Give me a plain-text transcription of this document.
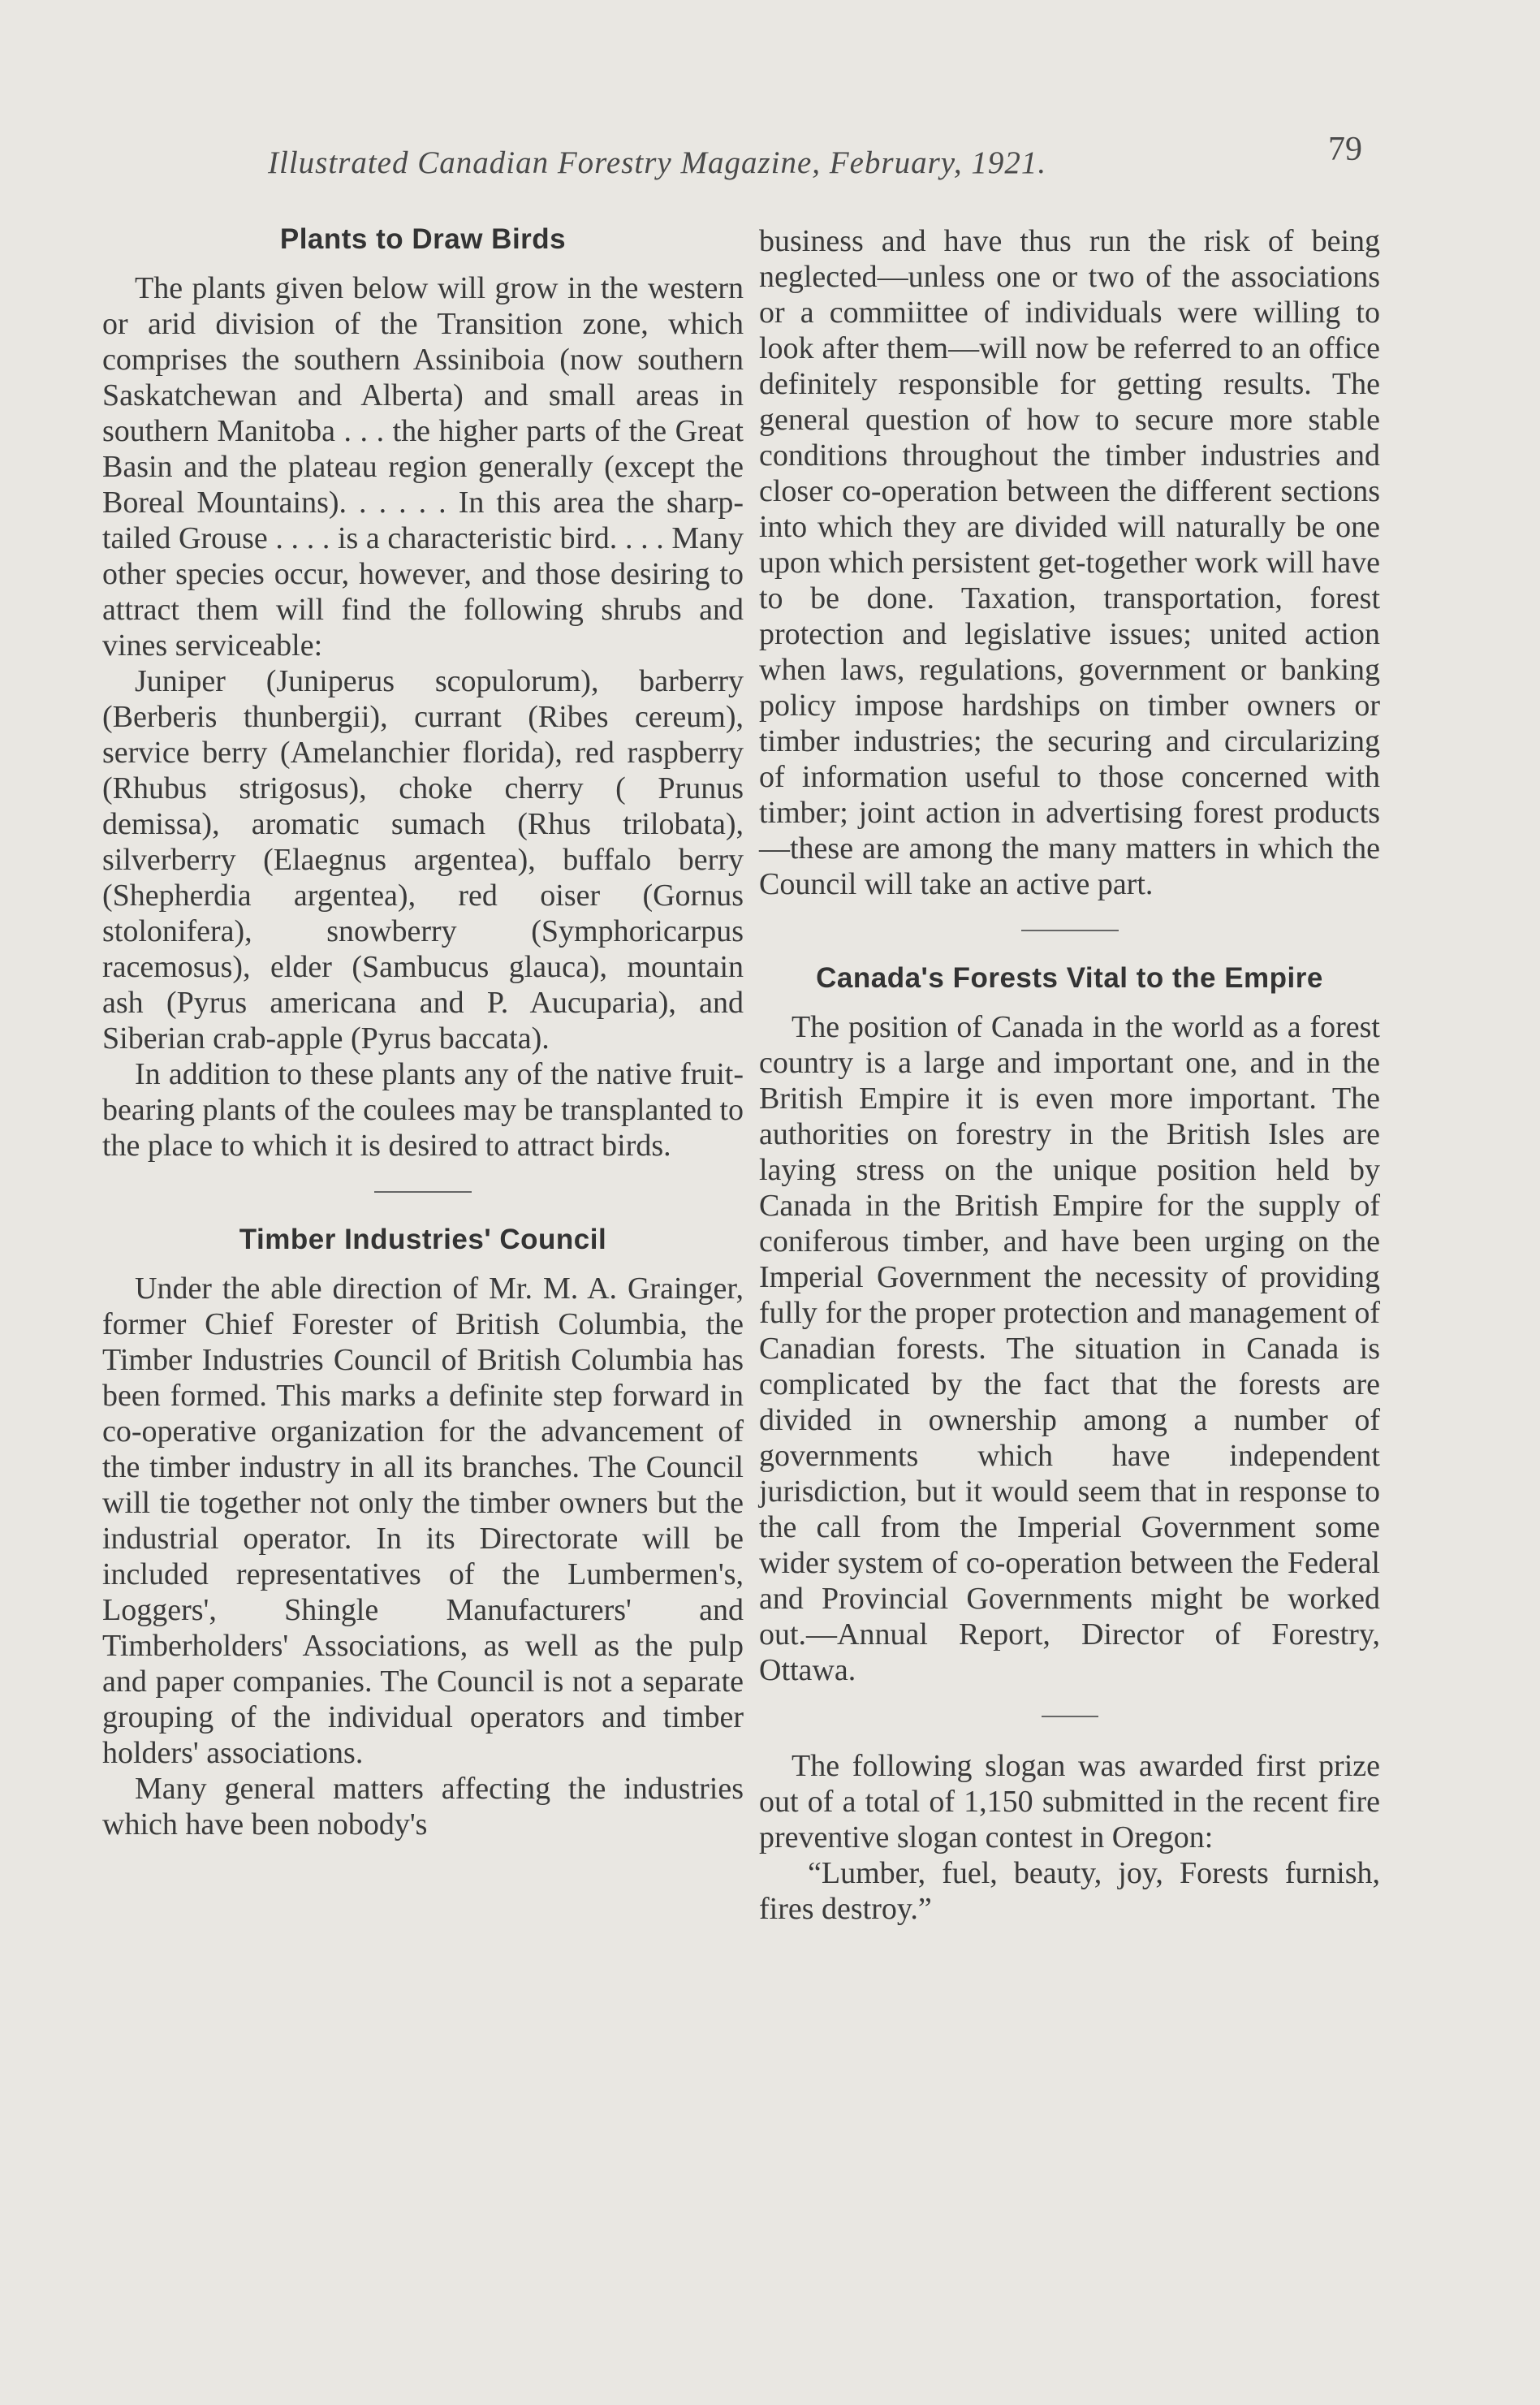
Illustrated Canadian Forestry Magazine, February, 1921.	79
Plants to Draw Birds

The plants given below will grow in the western or arid division of the Transition zone, which comprises the southern Assiniboia (now southern Saskatchewan and Alberta) and small areas in southern Manitoba . . . the higher parts of the Great Basin and the plateau region generally (except the Boreal Mountains). . . . . . In this area the sharp-tailed Grouse . . . . is a characteristic bird. . . . Many other species occur, however, and those desiring to attract them will find the following shrubs and vines serviceable:

Juniper (Juniperus scopulorum), barberry (Berberis thunbergii), currant (Ribes cereum), service berry (Amelanchier florida), red raspberry (Rhubus strigosus), choke cherry ( Prunus demissa), aromatic sumach (Rhus trilobata), silverberry (Elaegnus argentea), buffalo berry (Shepherdia argentea), red oiser (Gornus stolonifera), snowberry (Symphoricarpus racemosus), elder (Sambucus glauca), mountain ash (Pyrus americana and P. Aucuparia), and Siberian crab-apple (Pyrus baccata).

In addition to these plants any of the native fruit-bearing plants of the coulees may be transplanted to the place to which it is desired to attract birds.

Timber Industries' Council

Under the able direction of Mr. M. A. Grainger, former Chief Forester of British Columbia, the Timber Industries Council of British Columbia has been formed. This marks a definite step forward in co-operative organization for the advancement of the timber industry in all its branches. The Council will tie together not only the timber owners but the industrial operator. In its Directorate will be included representatives of the Lumbermen's, Loggers', Shingle Manufacturers' and Timberholders' Associations, as well as the pulp and paper companies. The Council is not a separate grouping of the individual operators and timber holders' associations.

Many general matters affecting the industries which have been nobody's

business and have thus run the risk of being neglected—unless one or two of the associations or a commiittee of individuals were willing to look after them—will now be referred to an office definitely responsible for getting results. The general question of how to secure more stable conditions throughout the timber industries and closer co-operation between the different sections into which they are divided will naturally be one upon which persistent get-together work will have to be done. Taxation, transportation, forest protection and legislative issues; united action when laws, regulations, government or banking policy impose hardships on timber owners or timber industries; the securing and circularizing of information useful to those concerned with timber; joint action in advertising forest products—these are among the many matters in which the Council will take an active part.

Canada's Forests Vital to the Empire

The position of Canada in the world as a forest country is a large and important one, and in the British Empire it is even more important. The authorities on forestry in the British Isles are laying stress on the unique position held by Canada in the British Empire for the supply of coniferous timber, and have been urging on the Imperial Government the necessity of providing fully for the proper protection and management of Canadian forests. The situation in Canada is complicated by the fact that the forests are divided in ownership among a number of governments which have independent jurisdiction, but it would seem that in response to the call from the Imperial Government some wider system of co-operation between the Federal and Provincial Governments might be worked out.—Annual Report, Director of Forestry, Ottawa.

The following slogan was awarded first prize out of a total of 1,150 submitted in the recent fire preventive slogan contest in Oregon:

“Lumber, fuel, beauty, joy, Forests furnish, fires destroy.”
